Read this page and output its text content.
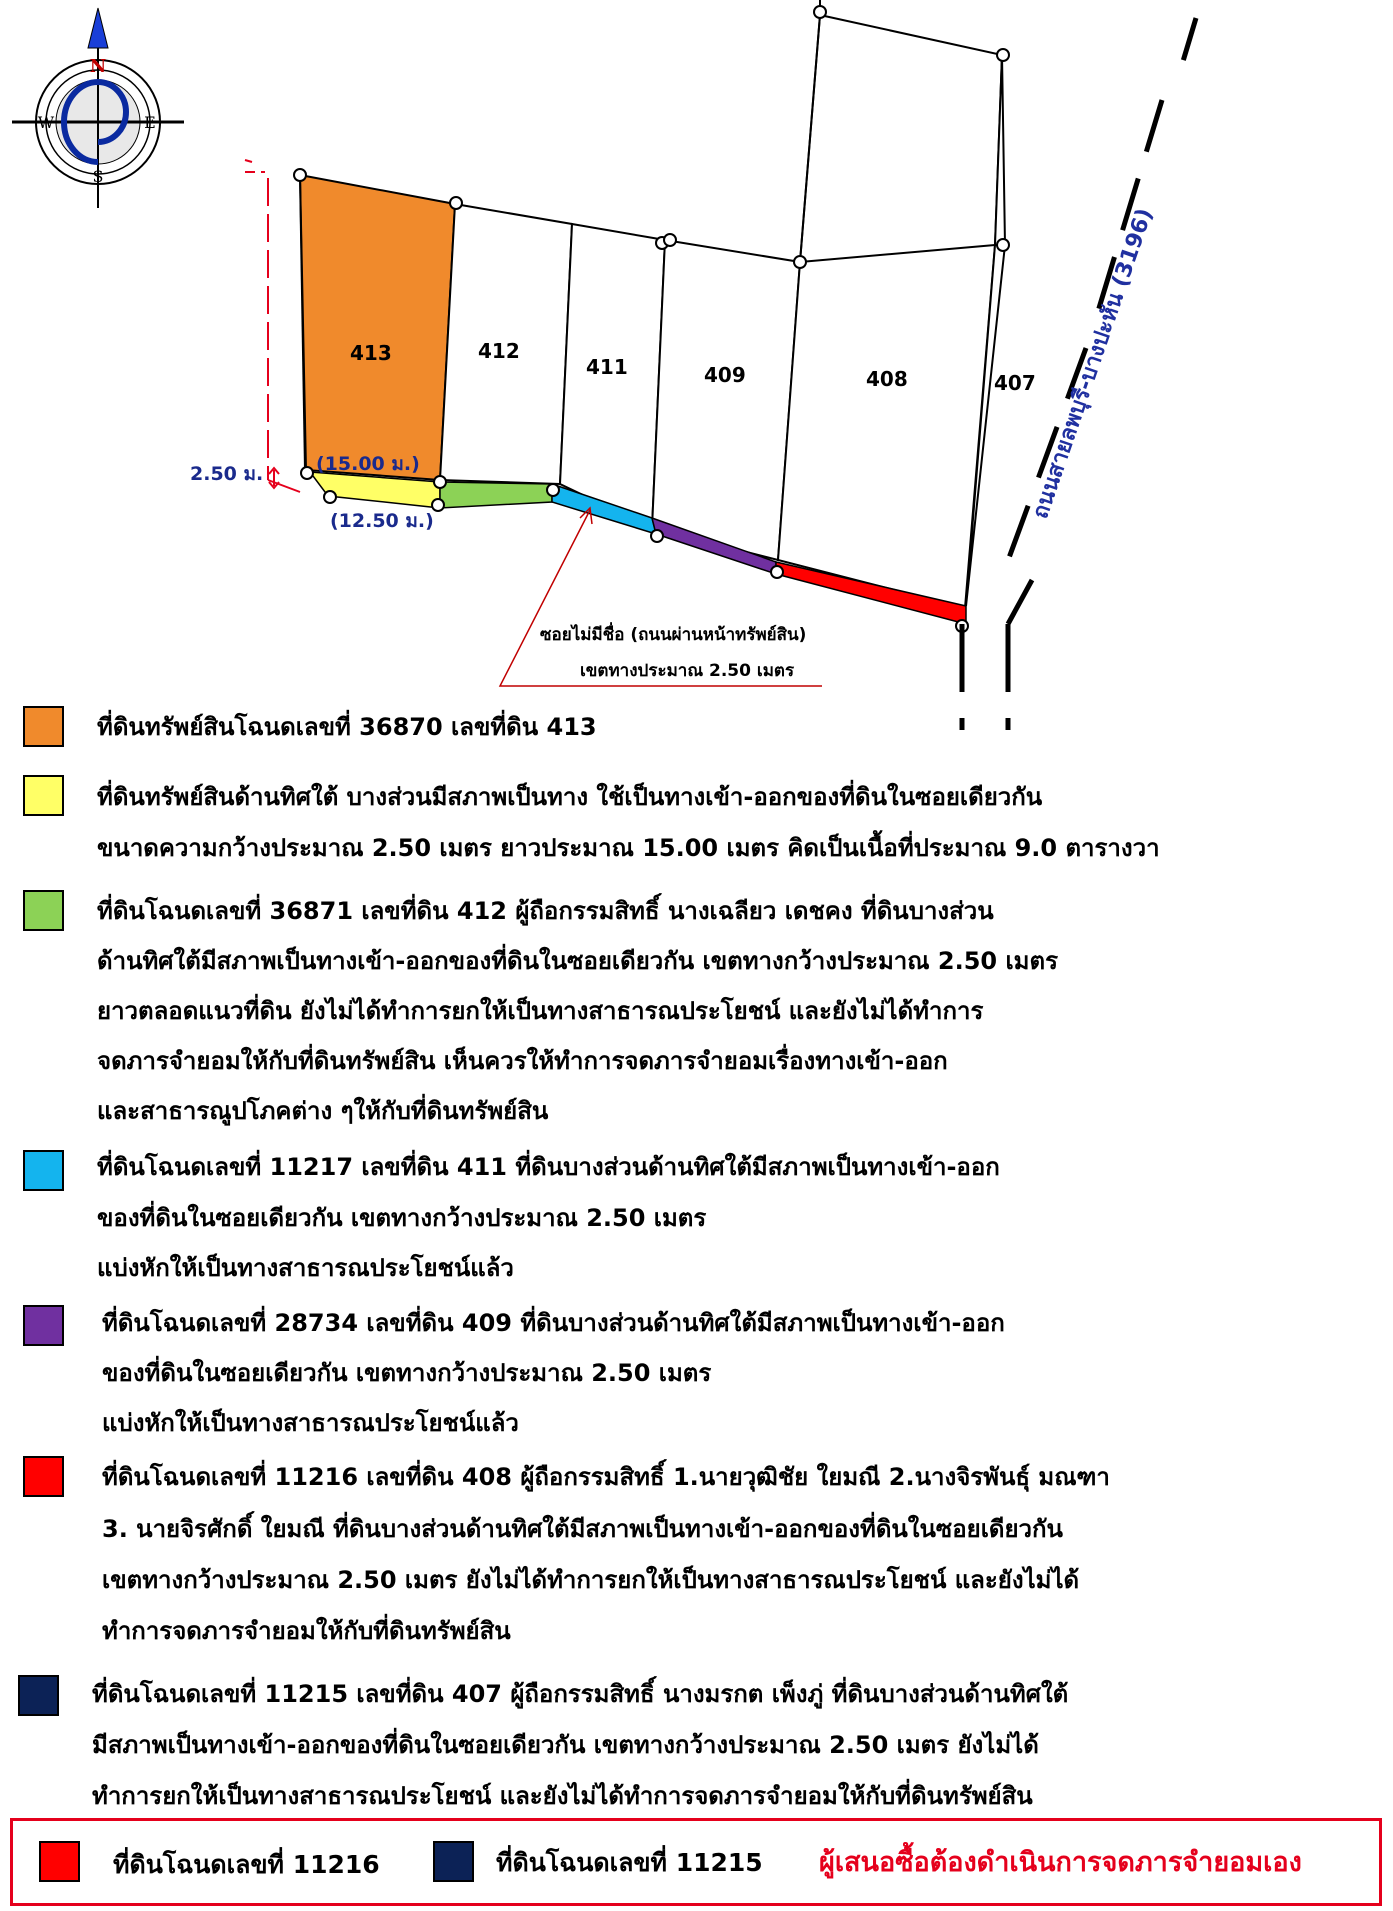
N
S
W	E
413	412
411	409	408	407
2.50 ม.	(15.00 ม.)
(12.50 ม.)	ถนนสายลพบุรี-บางปะหัน (3196)
ซอยไม่มีชื่อ (ถนนผ่านหน้าทรัพย์สิน)
เขตทางประมาณ 2.50 เมตร

ที่ดินทรัพย์สินโฉนดเลขที่ 36870 เลขที่ดิน 413

ที่ดินทรัพย์สินด้านทิศใต้ บางส่วนมีสภาพเป็นทาง ใช้เป็นทางเข้า-ออกของที่ดินในซอยเดียวกัน

ขนาดความกว้างประมาณ 2.50 เมตร ยาวประมาณ 15.00 เมตร คิดเป็นเนื้อที่ประมาณ 9.0 ตารางวา

ที่ดินโฉนดเลขที่ 36871 เลขที่ดิน 412 ผู้ถือกรรมสิทธิ์ นางเฉลียว เดชคง ที่ดินบางส่วน

ด้านทิศใต้มีสภาพเป็นทางเข้า-ออกของที่ดินในซอยเดียวกัน เขตทางกว้างประมาณ 2.50 เมตร

ยาวตลอดแนวที่ดิน ยังไม่ได้ทำการยกให้เป็นทางสาธารณประโยชน์ และยังไม่ได้ทำการ

จดภารจำยอมให้กับที่ดินทรัพย์สิน เห็นควรให้ทำการจดภารจำยอมเรื่องทางเข้า-ออก

และสาธารณูปโภคต่าง ๆให้กับที่ดินทรัพย์สิน

ที่ดินโฉนดเลขที่ 11217 เลขที่ดิน 411 ที่ดินบางส่วนด้านทิศใต้มีสภาพเป็นทางเข้า-ออก

ของที่ดินในซอยเดียวกัน เขตทางกว้างประมาณ 2.50 เมตร

แบ่งหักให้เป็นทางสาธารณประโยชน์แล้ว

ที่ดินโฉนดเลขที่ 28734 เลขที่ดิน 409 ที่ดินบางส่วนด้านทิศใต้มีสภาพเป็นทางเข้า-ออก

ของที่ดินในซอยเดียวกัน เขตทางกว้างประมาณ 2.50 เมตร

แบ่งหักให้เป็นทางสาธารณประโยชน์แล้ว

ที่ดินโฉนดเลขที่ 11216 เลขที่ดิน 408 ผู้ถือกรรมสิทธิ์ 1.นายวุฒิชัย ใยมณี 2.นางจิรพันธุ์ มณฑา

3. นายจิรศักดิ์ ใยมณี ที่ดินบางส่วนด้านทิศใต้มีสภาพเป็นทางเข้า-ออกของที่ดินในซอยเดียวกัน

เขตทางกว้างประมาณ 2.50 เมตร ยังไม่ได้ทำการยกให้เป็นทางสาธารณประโยชน์ และยังไม่ได้

ทำการจดภารจำยอมให้กับที่ดินทรัพย์สิน

ที่ดินโฉนดเลขที่ 11215 เลขที่ดิน 407 ผู้ถือกรรมสิทธิ์ นางมรกต เพ็งภู่ ที่ดินบางส่วนด้านทิศใต้

มีสภาพเป็นทางเข้า-ออกของที่ดินในซอยเดียวกัน เขตทางกว้างประมาณ 2.50 เมตร ยังไม่ได้

ทำการยกให้เป็นทางสาธารณประโยชน์ และยังไม่ได้ทำการจดภารจำยอมให้กับที่ดินทรัพย์สิน

ที่ดินโฉนดเลขที่ 11216	ที่ดินโฉนดเลขที่ 11215 ผู้เสนอซื้อต้องดำเนินการจดภารจำยอมเอง
